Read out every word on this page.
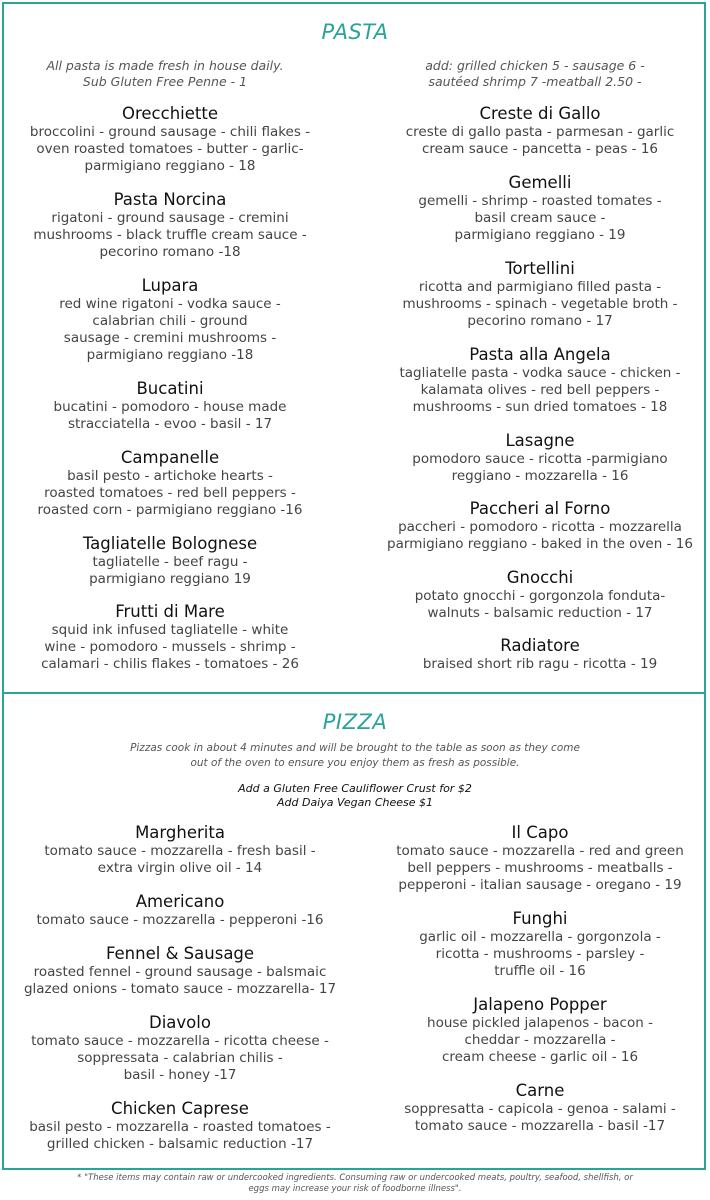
PASTA
All pasta is made fresh in house daily.
Sub Gluten Free Penne - 1
add: grilled chicken 5 - sausage 6 -
sautéed shrimp 7 -meatball 2.50 -
PIZZA
Pizzas cook in about 4 minutes and will be brought to the table as soon as they come
out of the oven to ensure you enjoy them as fresh as possible.
Add a Gluten Free Cauliflower Crust for $2
Add Daiya Vegan Cheese $1
* "These items may contain raw or undercooked ingredients. Consuming raw or undercooked meats, poultry, seafood, shellfish, or
eggs may increase your risk of foodborne illness".
Orecchiette
broccolini - ground sausage - chili flakes -
oven roasted tomatoes - butter - garlic-
parmigiano reggiano - 18
Pasta Norcina
rigatoni - ground sausage - cremini
mushrooms - black truffle cream sauce -
pecorino romano -18
Lupara
red wine rigatoni - vodka sauce -
calabrian chili - ground
sausage - cremini mushrooms -
parmigiano reggiano -18
Bucatini
bucatini - pomodoro - house made
stracciatella - evoo - basil - 17
Campanelle
basil pesto - artichoke hearts -
roasted tomatoes - red bell peppers -
roasted corn - parmigiano reggiano -16
Tagliatelle Bolognese
tagliatelle - beef ragu -
parmigiano reggiano 19
Frutti di Mare
squid ink infused tagliatelle - white
wine - pomodoro - mussels - shrimp -
calamari - chilis flakes - tomatoes - 26
Creste di Gallo
creste di gallo pasta - parmesan - garlic
cream sauce - pancetta - peas - 16
Gemelli
gemelli - shrimp - roasted tomates -
basil cream sauce -
parmigiano reggiano - 19
Tortellini
ricotta and parmigiano filled pasta -
mushrooms - spinach - vegetable broth -
pecorino romano - 17
Pasta alla Angela
tagliatelle pasta - vodka sauce - chicken -
kalamata olives - red bell peppers -
mushrooms - sun dried tomatoes - 18
Lasagne
pomodoro sauce - ricotta -parmigiano
reggiano - mozzarella - 16
Paccheri al Forno
paccheri - pomodoro - ricotta - mozzarella
parmigiano reggiano - baked in the oven - 16
Gnocchi
potato gnocchi - gorgonzola fonduta-
walnuts - balsamic reduction - 17
Radiatore
braised short rib ragu - ricotta - 19
Margherita
tomato sauce - mozzarella - fresh basil -
extra virgin olive oil - 14
Americano
tomato sauce - mozzarella - pepperoni -16
Fennel & Sausage
roasted fennel - ground sausage - balsmaic
glazed onions - tomato sauce - mozzarella- 17
Diavolo
tomato sauce - mozzarella - ricotta cheese -
soppressata - calabrian chilis -
basil - honey -17
Chicken Caprese
basil pesto - mozzarella - roasted tomatoes -
grilled chicken - balsamic reduction -17
Il Capo
tomato sauce - mozzarella - red and green
bell peppers - mushrooms - meatballs -
pepperoni - italian sausage - oregano - 19
Funghi
garlic oil - mozzarella - gorgonzola -
ricotta - mushrooms - parsley -
truffle oil - 16
Jalapeno Popper
house pickled jalapenos - bacon -
cheddar - mozzarella -
cream cheese - garlic oil - 16
Carne
soppresatta - capicola - genoa - salami -
tomato sauce - mozzarella - basil -17
